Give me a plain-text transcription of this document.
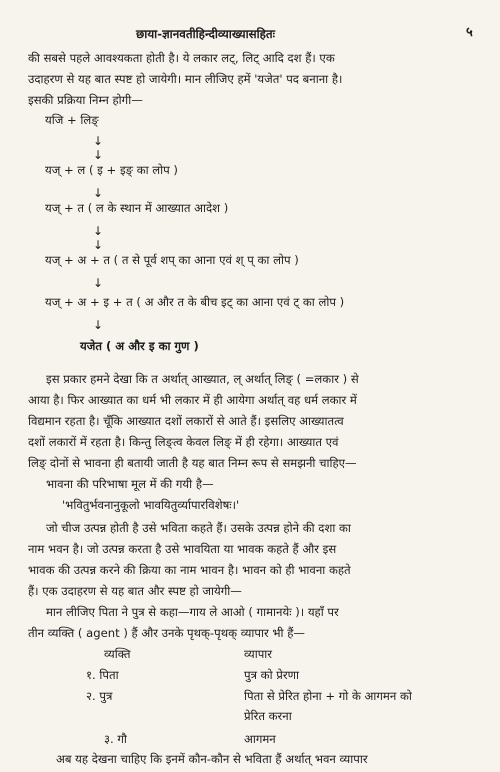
छाया-ज्ञानवतीहिन्दीव्याख्यासहितः	५
की सबसे पहले आवश्यकता होती है। ये लकार लट्, लिट् आदि दश हैं। एक
उदाहरण से यह बात स्पष्ट हो जायेगी। मान लीजिए हमें 'यजेत' पद बनाना है।
इसकी प्रक्रिया निम्न होगी—
यजि + लिङ्
↓
↓
यज् + ल ( इ + इङ् का लोप )
↓
यज् + त ( ल के स्थान में आख्यात आदेश )
↓
↓
यज् + अ + त ( त से पूर्व शप् का आना एवं श् प् का लोप )
↓
यज् + अ + इ + त ( अ और त के बीच इट् का आना एवं ट् का लोप )
↓
यजेत ( अ और इ का गुण )
इस प्रकार हमने देखा कि त अर्थात् आख्यात, ल् अर्थात् लिङ् ( =लकार ) से
आया है। फिर आख्यात का धर्म भी लकार में ही आयेगा अर्थात् वह धर्म लकार में
विद्यमान रहता है। चूँकि आख्यात दशों लकारों से आते हैं। इसलिए आख्यातत्व
दशों लकारों में रहता है। किन्तु लिङ्त्व केवल लिङ् में ही रहेगा। आख्यात एवं
लिङ् दोनों से भावना ही बतायी जाती है यह बात निम्न रूप से समझनी चाहिए—
भावना की परिभाषा मूल में की गयी है—
'भवितुर्भवनानुकूलो भावयितुर्व्यापारविशेषः।'
जो चीज उत्पन्न होती है उसे भविता कहते हैं। उसके उत्पन्न होने की दशा का
नाम भवन है। जो उत्पन्न करता है उसे भावयिता या भावक कहते हैं और इस
भावक की उत्पन्न करने की क्रिया का नाम भावन है। भावन को ही भावना कहते
हैं। एक उदाहरण से यह बात और स्पष्ट हो जायेगी—
मान लीजिए पिता ने पुत्र से कहा—गाय ले आओ ( गामानयेः )। यहाँ पर
तीन व्यक्ति ( agent ) हैं और उनके पृथक्-पृथक् व्यापार भी हैं—
व्यक्ति	व्यापार
१. पिता	पुत्र को प्रेरणा
२. पुत्र	पिता से प्रेरित होना + गो के आगमन को
प्रेरित करना
३. गौ	आगमन
अब यह देखना चाहिए कि इनमें कौन-कौन से भविता हैं अर्थात् भवन व्यापार
